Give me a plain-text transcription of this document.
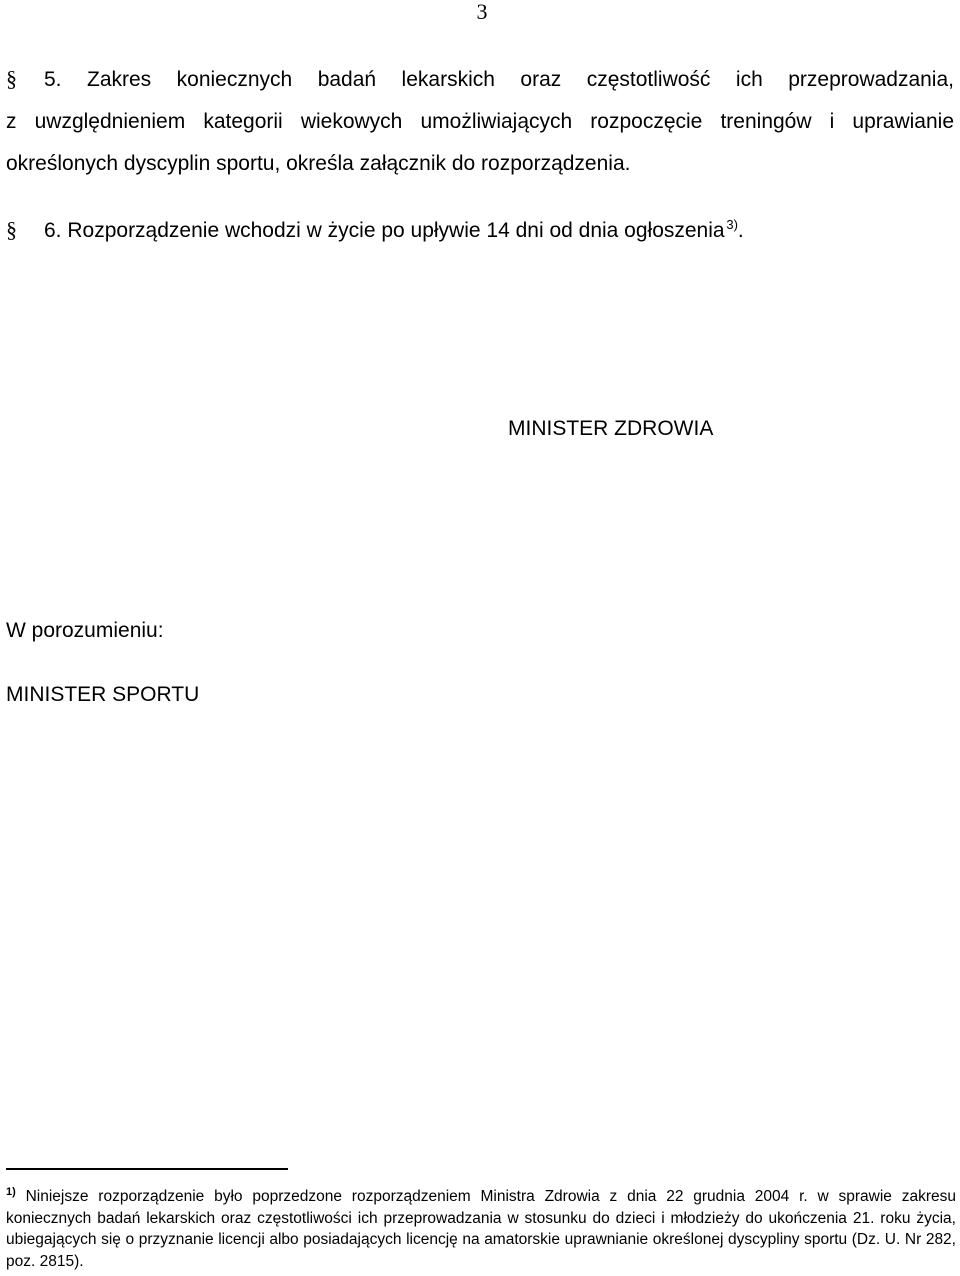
3
§ 5. Zakres koniecznych badań lekarskich oraz częstotliwość ich przeprowadzania,
z uwzględnieniem kategorii wiekowych umożliwiających rozpoczęcie treningów i uprawianie określonych dyscyplin sportu, określa załącznik do rozporządzenia.
§ 6. Rozporządzenie wchodzi w życie po upływie 14 dni od dnia ogłoszenia  $^{3)}$.
MINISTER ZDROWIA
W porozumieniu:
MINISTER SPORTU
$^{1)}$ Niniejsze rozporządzenie było poprzedzone rozporządzeniem Ministra Zdrowia z dnia 22 grudnia 2004 r. w sprawie zakresu koniecznych badań lekarskich oraz częstotliwości ich przeprowadzania w stosunku do dzieci i młodzieży do ukończenia 21. roku życia, ubiegających się o przyznanie licencji albo posiadających licencję na amatorskie uprawnianie określonej dyscypliny sportu (Dz. U. Nr 282, poz. 2815).
